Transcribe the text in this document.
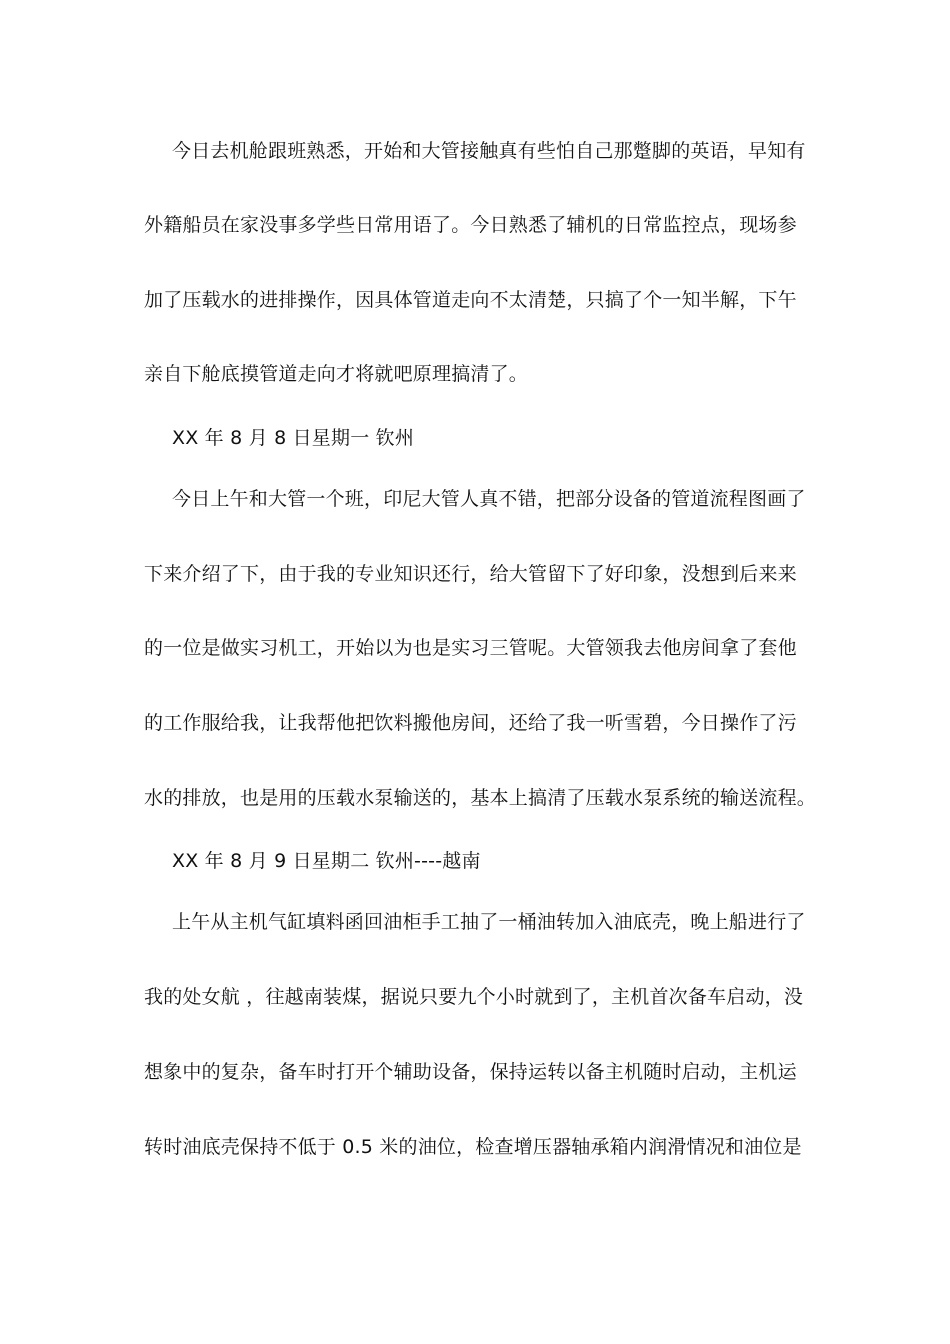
今日去机舱跟班熟悉，开始和大管接触真有些怕自己那蹩脚的英语，早知有
外籍船员在家没事多学些日常用语了。今日熟悉了辅机的日常监控点，现场参
加了压载水的进排操作，因具体管道走向不太清楚，只搞了个一知半解，下午
亲自下舱底摸管道走向才将就吧原理搞清了。
XX 年 8 月 8 日星期一 钦州
今日上午和大管一个班，印尼大管人真不错，把部分设备的管道流程图画了
下来介绍了下，由于我的专业知识还行，给大管留下了好印象，没想到后来来
的一位是做实习机工，开始以为也是实习三管呢。大管领我去他房间拿了套他
的工作服给我，让我帮他把饮料搬他房间，还给了我一听雪碧，今日操作了污
水的排放，也是用的压载水泵输送的，基本上搞清了压载水泵系统的输送流程。
XX 年 8 月 9 日星期二 钦州----越南
上午从主机气缸填料函回油柜手工抽了一桶油转加入油底壳，晚上船进行了
我的处女航 ，往越南装煤，据说只要九个小时就到了，主机首次备车启动，没
想象中的复杂，备车时打开个辅助设备，保持运转以备主机随时启动，主机运
转时油底壳保持不低于 0.5 米的油位，检查增压器轴承箱内润滑情况和油位是
